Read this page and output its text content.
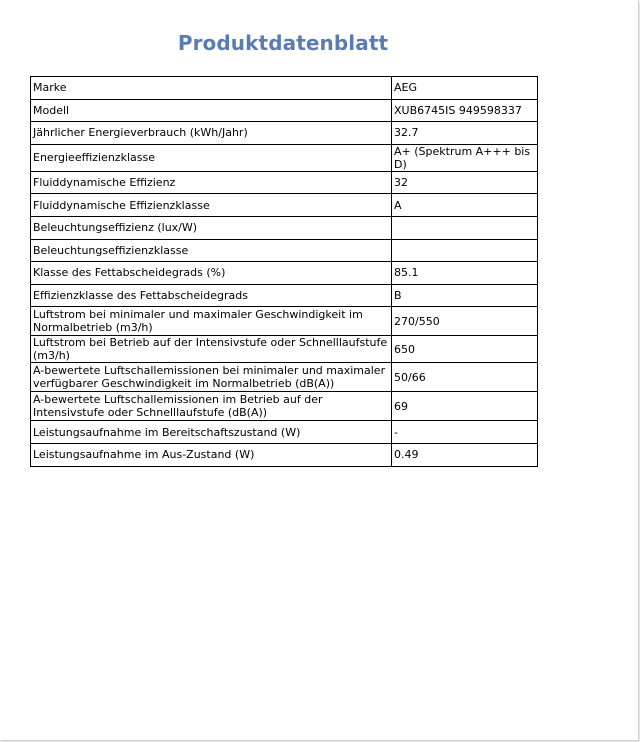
Produktdatenblatt
Marke	AEG
Modell	XUB6745IS 949598337
Jährlicher Energieverbrauch (kWh/Jahr)	32.7
Energieeffizienzklasse	A+ (Spektrum A+++ bis D)
Fluiddynamische Effizienz	32
Fluiddynamische Effizienzklasse	A
Beleuchtungseffizienz (lux/W)	
Beleuchtungseffizienzklasse	
Klasse des Fettabscheidegrads (%)	85.1
Effizienzklasse des Fettabscheidegrads	B
Luftstrom bei minimaler und maximaler Geschwindigkeit im Normalbetrieb (m3/h)	270/550
Luftstrom bei Betrieb auf der Intensivstufe oder Schnelllaufstufe (m3/h)	650
A-bewertete Luftschallemissionen bei minimaler und maximaler verfügbarer Geschwindigkeit im Normalbetrieb (dB(A))	50/66
A-bewertete Luftschallemissionen im Betrieb auf der Intensivstufe oder Schnelllaufstufe (dB(A))	69
Leistungsaufnahme im Bereitschaftszustand (W)	-
Leistungsaufnahme im Aus-Zustand (W)	0.49
